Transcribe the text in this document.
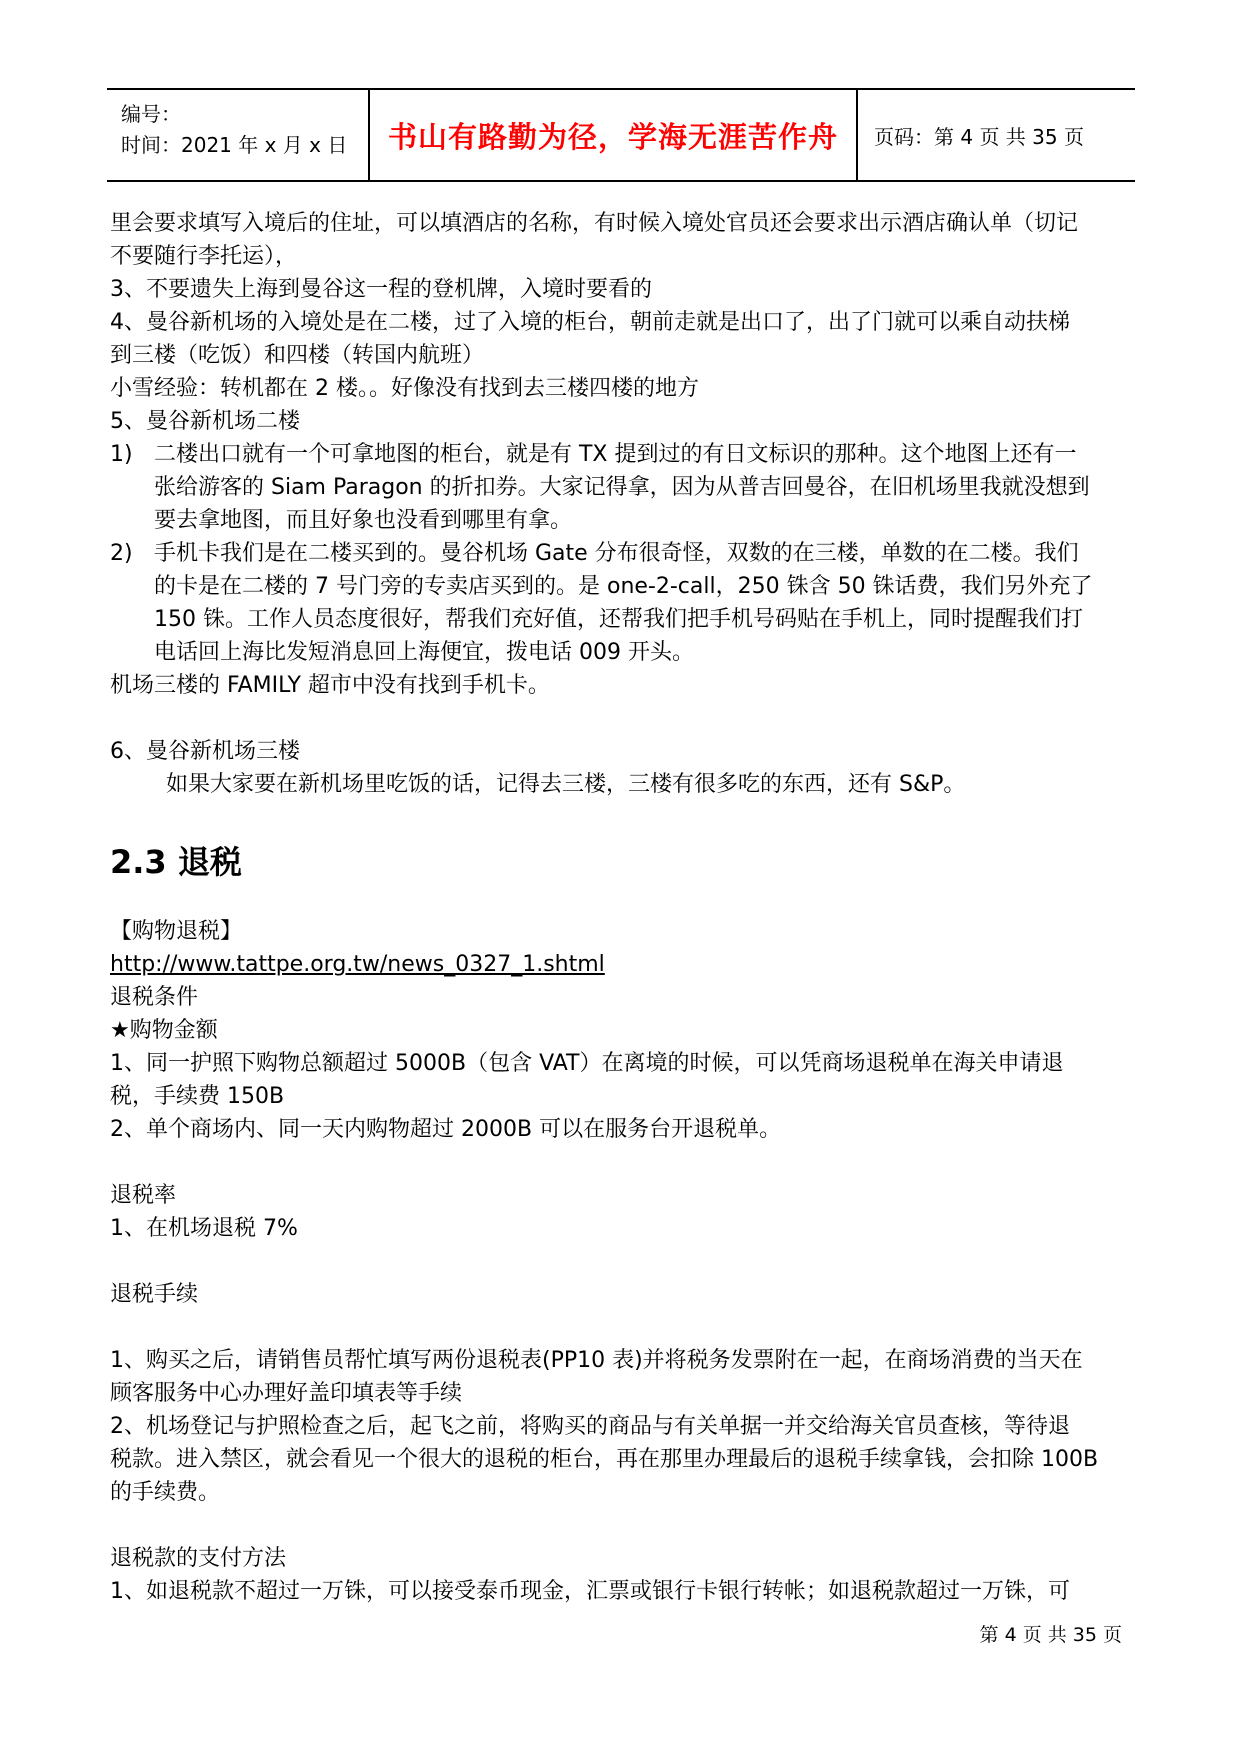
编号：
时间：2021 年 x 月 x 日	书山有路勤为径，学海无涯苦作舟 页码：第 4 页 共 35 页
里会要求填写入境后的住址，可以填酒店的名称，有时候入境处官员还会要求出示酒店确认单（切记
不要随行李托运），
3、不要遗失上海到曼谷这一程的登机牌，入境时要看的
4、曼谷新机场的入境处是在二楼，过了入境的柜台，朝前走就是出口了，出了门就可以乘自动扶梯
到三楼（吃饭）和四楼（转国内航班）
小雪经验：转机都在 2 楼。。好像没有找到去三楼四楼的地方
5、曼谷新机场二楼
1) 二楼出口就有一个可拿地图的柜台，就是有 TX 提到过的有日文标识的那种。这个地图上还有一
张给游客的 Siam Paragon 的折扣券。大家记得拿，因为从普吉回曼谷，在旧机场里我就没想到
要去拿地图，而且好象也没看到哪里有拿。
2) 手机卡我们是在二楼买到的。曼谷机场 Gate 分布很奇怪，双数的在三楼，单数的在二楼。我们
的卡是在二楼的 7 号门旁的专卖店买到的。是 one-2-call，250 铢含 50 铢话费，我们另外充了
150 铢。工作人员态度很好，帮我们充好值，还帮我们把手机号码贴在手机上，同时提醒我们打
电话回上海比发短消息回上海便宜，拨电话 009 开头。
机场三楼的 FAMILY 超市中没有找到手机卡。
6、曼谷新机场三楼
如果大家要在新机场里吃饭的话，记得去三楼，三楼有很多吃的东西，还有 S&P。
2.3 退税
【购物退税】
http://www.tattpe.org.tw/news_0327_1.shtml
退税条件
★购物金额
1、同一护照下购物总额超过 5000B（包含 VAT）在离境的时候，可以凭商场退税单在海关申请退
税，手续费 150B
2、单个商场内、同一天内购物超过 2000B 可以在服务台开退税单。
退税率
1、在机场退税 7%
退税手续
1、购买之后，请销售员帮忙填写两份退税表(PP10 表)并将税务发票附在一起，在商场消费的当天在
顾客服务中心办理好盖印填表等手续
2、机场登记与护照检查之后，起飞之前，将购买的商品与有关单据一并交给海关官员查核，等待退
税款。进入禁区，就会看见一个很大的退税的柜台，再在那里办理最后的退税手续拿钱，会扣除 100B
的手续费。
退税款的支付方法
1、如退税款不超过一万铢，可以接受泰币现金，汇票或银行卡银行转帐；如退税款超过一万铢，可
第 4 页 共 35 页
